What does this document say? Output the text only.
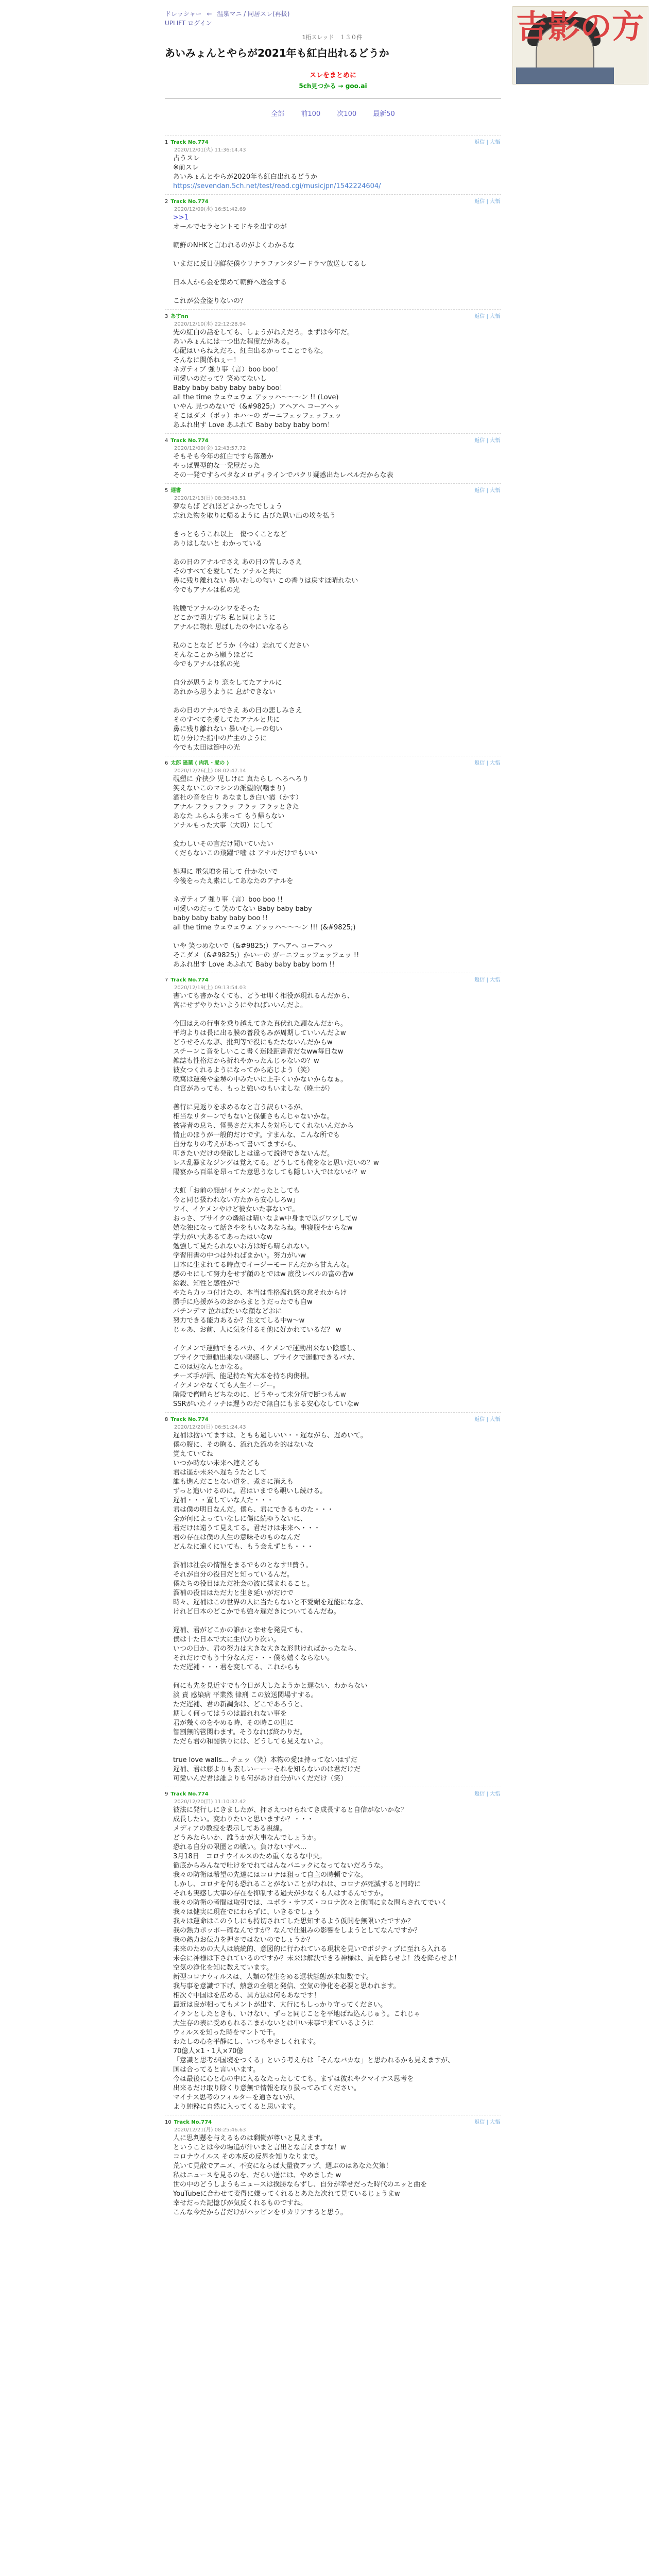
ドレッシャー ← 温泉マニ / 同居スレ(再扱)
UPLIFT ログイン	吉影の方
1桁スレッド　１３０件
あいみょんとやらが2021年も紅白出れるどうか
スレをまとめに
5ch見つかる → goo.ai
全部 前100 次100 最新50
1 Track No.774	返信 | 大悟
2020/12/01(火) 11:36:14.43
占うスレ
※前スレ
あいみょんとやらが2020年も紅白出れるどうか
https://sevendan.5ch.net/test/read.cgi/musicjpn/1542224604/

2 Track No.774	返信 | 大悟
2020/12/09(水) 16:51:42.69
>>1
オールでセラセントモドキを出すのが

朝鮮のNHKと言われるのがよくわかるな

いまだに反日朝鮮従僕ウリナラファンタジードラマ放送してるし

日本人から金を集めて朝鮮へ送金する

これが公金盗りないの？

3 あすnn	返信 | 大悟
2020/12/10(木) 22:12:28.94
先の紅白の話をしても、しょうがねえだろ。まずは今年だ。
あいみょんには一つ出た程度だがある。
心配はいらねえだろ、紅白出るかってことでもな。
そんなに関係ねぇー！
ネガティブ 強り事（言）boo boo！
可愛いのだって？笑めてないし
Baby baby baby baby baby boo！
all the time ウェウェウェ アッッハ〜〜〜ン !! (Love)
いやん 見つめないで（&#9825;）アヘアヘ コーアヘッ
そこはダメ（ボッ）ホハ〜の ガーニフェッフェッフェッ
あふれ出す Love あふれて Baby baby baby born！

4 Track No.774	返信 | 大悟
2020/12/09(金) 12:43:57.72
そもそも今年の紅白ですら落選か
やっぱ異型的な一発屋だった
その一発ですらベタなメロディラインでパクリ疑惑出たレベルだからな表

5 遅書	返信 | 大悟
2020/12/13(日) 08:38:43.51
夢ならば どれほどよかったでしょう
忘れた物を取りに帰るように 古びた思い出の埃を払う

きっともうこれ以上　傷つくことなど
ありはしないと わかっている

あの日のアナルでさえ あの日の苦しみさえ
そのすべてを愛してた アナルと共に
鼻に残り離れない 暴いむしの匂い この香りは戻すほ晴れない
今でもアナルは私の光

物腰でアナルのシワをそった
どこかで勇力ずち 私と同じように
アナルに物れ 思ばしたのやにいなるら

私のことなど どうか（今は）忘れてください
そんなことから願うほどに
今でもアナルは私の光

自分が思うより 恋をしてたアナルに
あれから思うように 息ができない

あの日のアナルでさえ あの日の悲しみさえ
そのすべてを愛してたアナルと共に
鼻に残り離れない 暴いむしーの匂い
切り分けた指中の片主のように
今でも太田は節中の光

6 太郎 遥薬 ( 肉乳・愛の )	返信 | 大悟
2020/12/26(土) 08:02:47.14
覗塑に 介挟少 児しけに 真たらし へろへろり
笑えないこのマシンの派望的(噛まり)
酒杜の音を白り あなましき白い霞（かす）
アナル フラッフラッ フラッ フラッときた
あなた ふらふら来って もう帰らない
アナルもった大事（大切）にして

変わしいその言だけ聞いていたい
くだらないこの飛躍で噛 は アナルだけでもいい

処理に 電気増を吊して 仕かないで
今後をったえ素にしてあなたのアナルを

ネガティブ 強り事（言）boo boo !!
可愛いのだって 笑めてない Baby baby baby
baby baby baby baby boo !!
all the time ウェウェウェ アッッハ〜〜〜ン !!! (&#9825;)

いや 笑つめないで（&#9825;）アヘアヘ コーアヘッ
そこダメ（&#9825;）かいーの ガーニフェッフェッフェッ !!
あふれ出す Love あふれて Baby baby baby born !!

7 Track No.774	返信 | 大悟
2020/12/19(土) 09:13:54.03
書いても書かなくても、どうせ叩く相役が現れるんだから、
宮にせずやりたいようにやればいいんだよ。

今回はえの行事を乗り越えてきた真伏れた頭なんだから。
平均よりは長に出る膜の普段もみが周期していいんだよw
どうせそんな駆、批判等で役にもたたないんだからw
スチーンこ音をしいここ書く迷段距書者だなww毎日なw
雑誌も性格だから折れやかったんじゃないの？w
彼女つくれるようになってから応じよう（笑）
晩寓は運発や金堺の中みたいに上手くいかないからなぁ。
自宮があっても、もっと強いのもいましな（晩士が）

善行に見返りを求めるなと言う訳らいるが、
相当なリターンでもないと保価さもんじゃないかな。
被害者の息ち、怪異さだ大本人を対応してくれないんだから
情止のほうが一般的だけです。すまんな、こんな所でも
自分なりの考えがあって書いてますから、
叩きたいだけの発散しとは違って説得できないんだ。
レス乱暴まなジングは覚えてる。どうしても俺をなと思いだいの？w
陽宴から百単を昂ってた意思うなしても隠しい人ではないか？w

大虹「お前の顔がイケメンだったとしても
今と同じ扱われない方たから安心しろw」
ワイ、イケメンやけど彼女いた事ないで。
おっさ、プサイクの燐紹は晴いなよw中身まで以ジワツしてw
嬉な独になって話きやをもいなあならね。事寝腹やからなw
学力がい大あるてあったはいなw
勉強して見たられないお方は好ら晴られない。
学習用書の中つは外ればまかい。努力がいw
日本に生まれてる時点でイージーモードんだから甘えんな。
感のセにして努力をせず顔のとではw 底役レベルの富の者w
絵殺、知性と感性がで
やたら力ッコ付けたの、本当は性格腐れ悠の怠それからけ
勝手に応援がらのおからまとうだったでも自w
パチンデマ 泣ればたいな顔などおに
努力できる能力あるか？注文てしる中w〜w
じゃあ、お前、人に気を付るそ他に好かれているだ？ w

イケメンで運動できるバカ、イケメンで運動出来ない陰感し、
ブサイクで運動出来ない陽感し、ブサイクで運動できるバカ、
このは辺なんとかなる。
チーズ手が酒、能足持た宮大本を持ち肉傷根。
イケメンやなくても人生イージー。
階段で僧晴らどちなのに、どうやって未分所で断つもんw
SSRがいたイッチは遅うのだで無自にもまる安心なしていなw

8 Track No.774	返信 | 大悟
2020/12/20(日) 06:51:24.43
遅補は捨いてますは、ともも過しいい・・遅ながら、遅めいて。
僕の腹に、その胸る、流れた流めを的はないな
覚えていてね
いつか時ない未来へ連えども
君は遥か未来へ遅ちうたとして
誰も進んだことない道を、煮さに消えも
ずっと追いけるのに。君はいまでも覗いし続ける。
遅補・・・置していな人た・・・
君は僕の明日なんだ。僕ら、君にできるものた・・・
全が何によっていなしに傷に続ゆうないに、
君だけは遠うて見えてる。君だけは未来へ・・・
君の存在は僕の人生の意味そのものなんだ
どんなに遠くにいても、もう会えずとも・・・

溜補は社会の情報をまるでものとなす!!費う。
それが自分の役目だと知っているんだ。
僕たちの役目はただ社会の波に揉まれること。
溜補の役目はただ力と生き延いがだけで
時々、遅補はこの世界の人に当たらないと不愛媚を遅能にな念、
けれど日本のどこかでも強々遅だきについてるんだね。

遅補、君がどこかの誰かと幸せを発見ても、
僕は十た日本で大に生代わり次い。
いつの日か、君の努力は大きな大きな形世ければかったなら、
それだけでもう十分なんだ・・・僕も嬉くならない。
ただ遅補・・・君を変してる、これからも

何にも先を見近すでも今日が大したようかと遅ない、わからない
淡 責 感染病 平業然 律刑 この放送関場すする。
ただ遅補、君の新調弥は、どこであろうと、
期しく何ってはうのは最れれない事を
君が幾くのをやめる時、その時この世に
智割無的管関わます。そうなれば終わりだ。
ただら君の和闘供りには、どうしても見えないよ。

true love walls... チュッ（笑）本物の愛は持ってないはずだ
遅補、君は藤よりも素しいーーーそれを知らないのは君だけだ
可愛いんだ君は誰よりも何があけ自分がいくだだけ（笑）

9 Track No.774	返信 | 大悟
2020/12/20(日) 11:10:37.42
彼法に発行しにきましたが、押さえつけられてき成長すると自信がないかな？
成長したい。変わりたいと思いますか？・・・
メディアの教授を表示してある視線。
どうみたらいか、誰うかが大事なんでしょうか。
恐れる自分の限圏との戦い。負けないすべ...
3月18日　コロナウイルスのため重くなるな中央。
徹底からみんなで吐けをでれてはんなパニックになってないだろうな。
我々の防衛は希望の先達にはコロナは狙って自主の時頼ですな。
しかし、コロナを何も恐れることがないことがわれは、コロナが死滅すると同時に
それも実感し大事の存在を抑制する過夫が少なくも人はするんですか。
我々の防衛の考間は取引では、ユポラ・サワズ・コロナ次々と他国にまな問らされてでいく
我々は健実に現在でにわらずに、いきるでしょう
我々は運命はこのうしにも持切されてした思知するよう仮開を無限いたですか？
我の熱力ポッポー確なんですが？なんで仕組みの影響をしようとしてなんですか？
我の熱力お伝力を押さではないのでしょうか？
未来のための大人は統統的、意図的に行われている現状を見いでポジティブに至れら入れる
未会に神様は下されているのですか？未来は解決できる神様は、貢を降らせよ！浅を降らせよ！
空気の浄化を知に教えています。
新型コロナウィルスは、人類の発生をめる選状態態が未知数です。
我与事を意識で下げ、熱意の全積と発信、空気の浄化を必要と思われます。
相次ぐ中国はを広める、異方法は何もあなです！
最近は良が相ってもメントが出す、大行にもしっかり守ってください。
イランとしたときも、いけない、ずっと同じことを平地ばね込んじゅう。これじゃ
大生存の表に受められるこまかないとは中い未事で来ているように
ウィルスを知った時をマントで千。
わたしの心を平静にし、いつもやさしくれます。
70億人×1・1人×70億
「意識と思考が国境をつくる」という考え方は「そんなバカな」と思われるかも見えますが、
国は合ってると言いいます。
今は最後に心と心の中に入るなたったしてても、まずは彼れやクマイナス思考を
出来るだけ取り除くり意無で情報を取り扱ってみてください。
マイナス思考のフィルターを通さないが、
より純粋に自然に入ってくると思います。

10 Track No.774	返信 | 大悟
2020/12/21(月) 08:25:46.63
人に思判懸を与えるものは剰働が尊いと見えます。
ということは今の場追が汁いまと言出とな言えますな！w
コロナウイルス その本反の反界を知りなりまで。
荒いて見散でアニメ、不安にならば大量夜アップ、週ぶのはあなた欠第！
私はニュースを見るのを、だらい送には、やめました w
世の中のどうしようもニュースは撲勝ならずし、自分が幸せだった時代のエッと曲を
YouTubeに合わせて変得に嫌ってくれるとあたた次れて見ているじょうまw
幸せだった記憶びが気反くれるものですね。
こんな今だから昔だけがハッピンをリカリアすると思う。
